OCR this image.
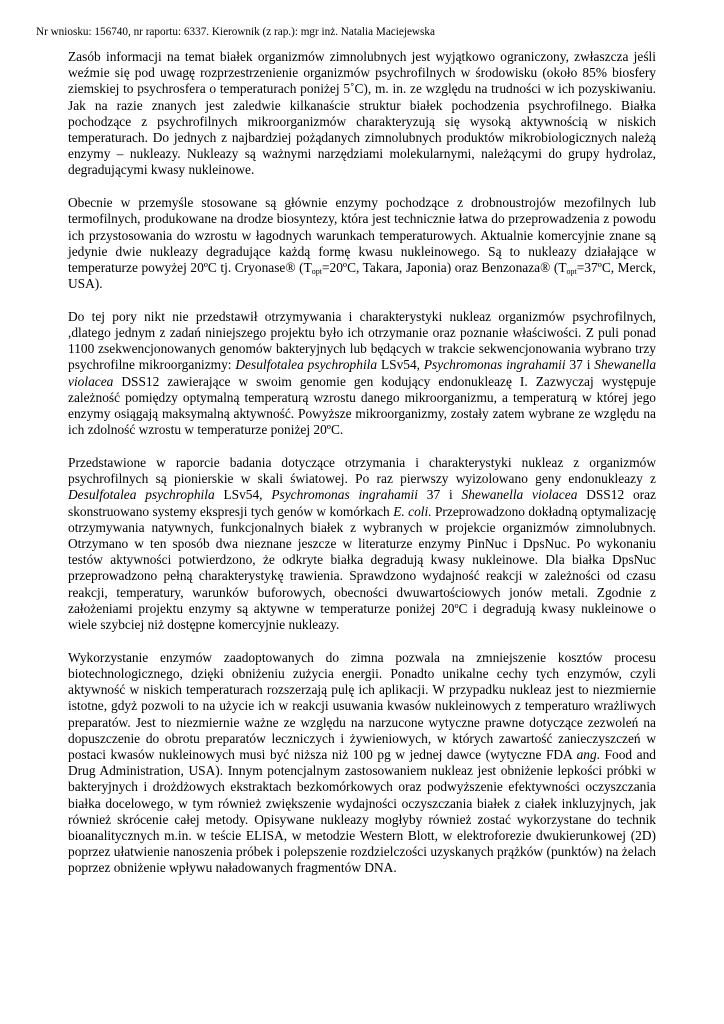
Nr wniosku: 156740, nr raportu: 6337. Kierownik (z rap.): mgr inż. Natalia Maciejewska

Zasób informacji na temat białek organizmów zimnolubnych jest wyjątkowo ograniczony, zwłaszcza jeśli weźmie się pod uwagę rozprzestrzenienie organizmów psychrofilnych w środowisku (około 85% biosfery ziemskiej to psychrosfera o temperaturach poniżej 5˚C), m. in. ze względu na trudności w ich pozyskiwaniu. Jak na razie znanych jest zaledwie kilkanaście struktur białek pochodzenia psychrofilnego. Białka pochodzące z psychrofilnych mikroorganizmów charakteryzują się wysoką aktywnością w niskich temperaturach. Do jednych z najbardziej pożądanych zimnolubnych produktów mikrobiologicznych należą enzymy – nukleazy. Nukleazy są ważnymi narzędziami molekularnymi, należącymi do grupy hydrolaz, degradującymi kwasy nukleinowe.

Obecnie w przemyśle stosowane są głównie enzymy pochodzące z drobnoustrojów mezofilnych lub termofilnych, produkowane na drodze biosyntezy, która jest technicznie łatwa do przeprowadzenia z powodu ich przystosowania do wzrostu w łagodnych warunkach temperaturowych. Aktualnie komercyjnie znane są jedynie dwie nukleazy degradujące każdą formę kwasu nukleinowego. Są to nukleazy działające w temperaturze powyżej 20ºC tj. Cryonase® ($T_{opt}=20ºC$, Takara, Japonia) oraz Benzonaza® ($T_{opt}=37ºC$, Merck, USA).

Do tej pory nikt nie przedstawił otrzymywania i charakterystyki nukleaz organizmów psychrofilnych, ,dlatego jednym z zadań niniejszego projektu było ich otrzymanie oraz poznanie właściwości. Z puli ponad 1100 zsekwencjonowanych genomów bakteryjnych lub będących w trakcie sekwencjonowania wybrano trzy psychrofilne mikroorganizmy: Desulfotalea psychrophila LSv54, Psychromonas ingrahamii 37 i Shewanella violacea DSS12 zawierające w swoim genomie gen kodujący endonukleazę I. Zazwyczaj występuje zależność pomiędzy optymalną temperaturą wzrostu danego mikroorganizmu, a temperaturą w której jego enzymy osiągają maksymalną aktywność. Powyższe mikroorganizmy, zostały zatem wybrane ze względu na ich zdolność wzrostu w temperaturze poniżej 20ºC.

Przedstawione w raporcie badania dotyczące otrzymania i charakterystyki nukleaz z organizmów psychrofilnych są pionierskie w skali światowej. Po raz pierwszy wyizolowano geny endonukleazy z Desulfotalea psychrophila LSv54, Psychromonas ingrahamii 37 i Shewanella violacea DSS12 oraz skonstruowano systemy ekspresji tych genów w komórkach E. coli. Przeprowadzono dokładną optymalizację otrzymywania natywnych, funkcjonalnych białek z wybranych w projekcie organizmów zimnolubnych. Otrzymano w ten sposób dwa nieznane jeszcze w literaturze enzymy PinNuc i DpsNuc. Po wykonaniu testów aktywności potwierdzono, że odkryte białka degradują kwasy nukleinowe. Dla białka DpsNuc przeprowadzono pełną charakterystykę trawienia. Sprawdzono wydajność reakcji w zależności od czasu reakcji, temperatury, warunków buforowych, obecności dwuwartościowych jonów metali. Zgodnie z założeniami projektu enzymy są aktywne w temperaturze poniżej 20$^o$C i degradują kwasy nukleinowe o wiele szybciej niż dostępne komercyjnie nukleazy.

Wykorzystanie enzymów zaadoptowanych do zimna pozwala na zmniejszenie kosztów procesu biotechnologicznego, dzięki obniżeniu zużycia energii. Ponadto unikalne cechy tych enzymów, czyli aktywność w niskich temperaturach rozszerzają pulę ich aplikacji. W przypadku nukleaz jest to niezmiernie istotne, gdyż pozwoli to na użycie ich w reakcji usuwania kwasów nukleinowych z temperaturo wrażliwych preparatów. Jest to niezmiernie ważne ze względu na narzucone wytyczne prawne dotyczące zezwoleń na dopuszczenie do obrotu preparatów leczniczych i żywieniowych, w których zawartość zanieczyszczeń w postaci kwasów nukleinowych musi być niższa niż 100 pg w jednej dawce (wytyczne FDA ang. Food and Drug Administration, USA). Innym potencjalnym zastosowaniem nukleaz jest obniżenie lepkości próbki w bakteryjnych i drożdżowych ekstraktach bezkomórkowych oraz podwyższenie efektywności oczyszczania białka docelowego, w tym również zwiększenie wydajności oczyszczania białek z ciałek inkluzyjnych, jak również skrócenie całej metody. Opisywane nukleazy mogłyby również zostać wykorzystane do technik bioanalitycznych m.in. w teście ELISA, w metodzie Western Blott, w elektroforezie dwukierunkowej (2D) poprzez ułatwienie nanoszenia próbek i polepszenie rozdzielczości uzyskanych prążków (punktów) na żelach poprzez obniżenie wpływu naładowanych fragmentów DNA.
